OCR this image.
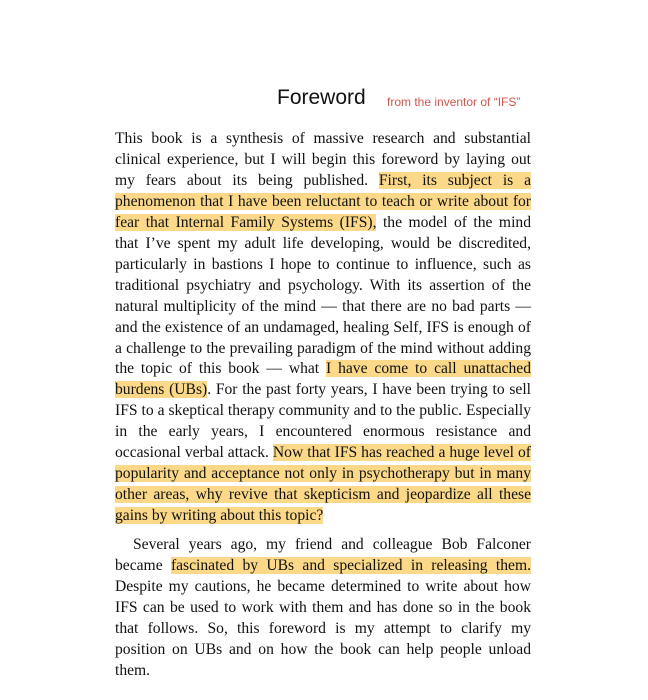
Foreword from the inventor of “IFS”

This book is a synthesis of massive research and substantial clinical experience, but I will begin this foreword by laying out my fears about its being published. First, its subject is a phenomenon that I have been reluctant to teach or write about for fear that Internal Family Systems (IFS), the model of the mind that I’ve spent my adult life developing, would be discredited, particularly in bastions I hope to continue to influence, such as traditional psychiatry and psychology. With its assertion of the natural multiplicity of the mind — that there are no bad parts — and the existence of an undamaged, healing Self, IFS is enough of a challenge to the prevailing paradigm of the mind without adding the topic of this book — what I have come to call unattached burdens (UBs). For the past forty years, I have been trying to sell IFS to a skeptical therapy community and to the public. Especially in the early years, I encountered enormous resistance and occasional verbal attack. Now that IFS has reached a huge level of popularity and acceptance not only in psychotherapy but in many other areas, why revive that skepticism and jeopardize all these gains by writing about this topic?

Several years ago, my friend and colleague Bob Falconer became fascinated by UBs and specialized in releasing them. Despite my cautions, he became determined to write about how IFS can be used to work with them and has done so in the book that follows. So, this foreword is my attempt to clarify my position on UBs and on how the book can help people unload them.
